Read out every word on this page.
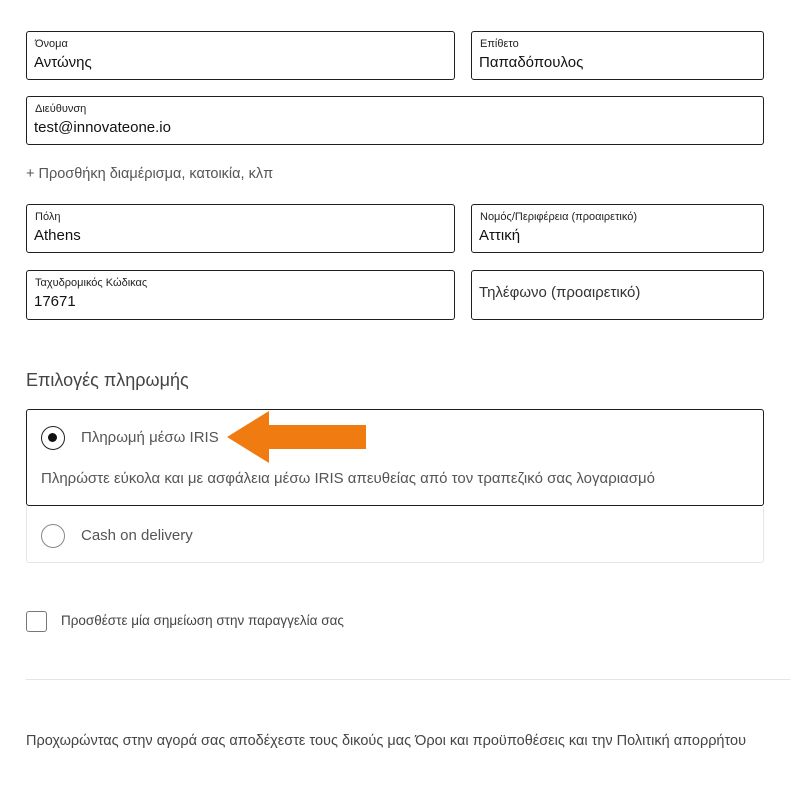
Όνομα
Αντώνης	Επίθετο
Παπαδόπουλος
Διεύθυνση
test@innovateone.io
+ Προσθήκη διαμέρισμα, κατοικία, κλπ
Πόλη
Athens	Νομός/Περιφέρεια (προαιρετικό)
Αττική
Ταχυδρομικός Κώδικας
17671
Τηλέφωνο (προαιρετικό)
Επιλογές πληρωμής
Πληρωμή μέσω IRIS
Πληρώστε εύκολα και με ασφάλεια μέσω IRIS απευθείας από τον τραπεζικό σας λογαριασμό
Cash on delivery
Προσθέστε μία σημείωση στην παραγγελία σας
Προχωρώντας στην αγορά σας αποδέχεστε τους δικούς μας Όροι και προϋποθέσεις και την Πολιτική απορρήτου
